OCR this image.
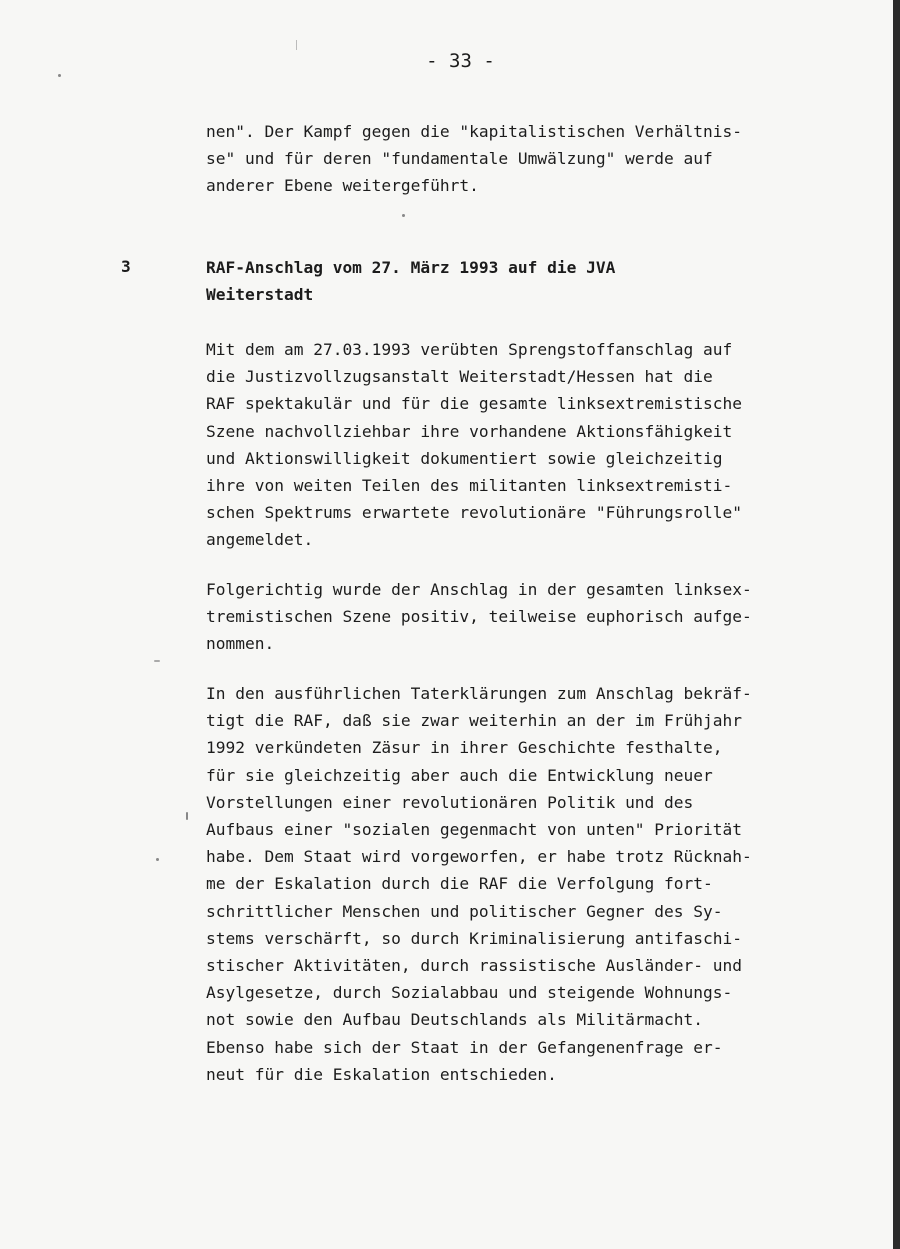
- 33 -
nen". Der Kampf gegen die "kapitalistischen Verhältnis-
se" und für deren "fundamentale Umwälzung" werde auf
anderer Ebene weitergeführt.
3	RAF-Anschlag vom 27. März 1993 auf die JVA
Weiterstadt
Mit dem am 27.03.1993 verübten Sprengstoffanschlag auf
die Justizvollzugsanstalt Weiterstadt/Hessen hat die
RAF spektakulär und für die gesamte linksextremistische
Szene nachvollziehbar ihre vorhandene Aktionsfähigkeit
und Aktionswilligkeit dokumentiert sowie gleichzeitig
ihre von weiten Teilen des militanten linksextremisti-
schen Spektrums erwartete revolutionäre "Führungsrolle"
angemeldet.
Folgerichtig wurde der Anschlag in der gesamten linksex-
tremistischen Szene positiv, teilweise euphorisch aufge-
nommen.
In den ausführlichen Taterklärungen zum Anschlag bekräf-
tigt die RAF, daß sie zwar weiterhin an der im Frühjahr
1992 verkündeten Zäsur in ihrer Geschichte festhalte,
für sie gleichzeitig aber auch die Entwicklung neuer
Vorstellungen einer revolutionären Politik und des
Aufbaus einer "sozialen gegenmacht von unten" Priorität
habe. Dem Staat wird vorgeworfen, er habe trotz Rücknah-
me der Eskalation durch die RAF die Verfolgung fort-
schrittlicher Menschen und politischer Gegner des Sy-
stems verschärft, so durch Kriminalisierung antifaschi-
stischer Aktivitäten, durch rassistische Ausländer- und
Asylgesetze, durch Sozialabbau und steigende Wohnungs-
not sowie den Aufbau Deutschlands als Militärmacht.
Ebenso habe sich der Staat in der Gefangenenfrage er-
neut für die Eskalation entschieden.
